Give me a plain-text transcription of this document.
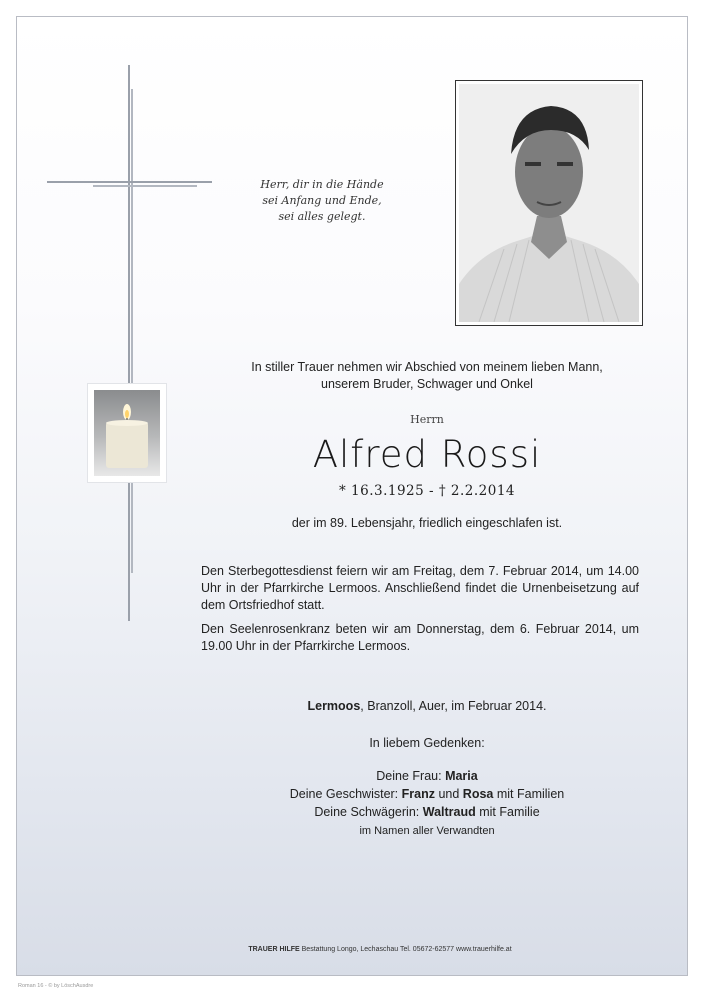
Herr, dir in die Hände
sei Anfang und Ende,
sei alles gelegt.
In stiller Trauer nehmen wir Abschied von meinem lieben Mann,
unserem Bruder, Schwager und Onkel
Herrn
Alfred Rossi
* 16.3.1925 - † 2.2.2014
der im 89. Lebensjahr, friedlich eingeschlafen ist.
Den Sterbegottesdienst feiern wir am Freitag, dem 7. Februar 2014, um 14.00 Uhr in der Pfarrkirche Lermoos. Anschließend findet die Urnenbeisetzung auf dem Ortsfriedhof statt.
Den Seelenrosenkranz beten wir am Donnerstag, dem 6. Februar 2014, um 19.00 Uhr in der Pfarrkirche Lermoos.
Lermoos, Branzoll, Auer, im Februar 2014.
In liebem Gedenken:
Deine Frau: Maria
Deine Geschwister: Franz und Rosa mit Familien
Deine Schwägerin: Waltraud mit Familie
im Namen aller Verwandten
TRAUER HILFE Bestattung Longo, Lechaschau Tel. 05672-62577 www.trauerhilfe.at
Roman 16 - © by LöschAusdre
